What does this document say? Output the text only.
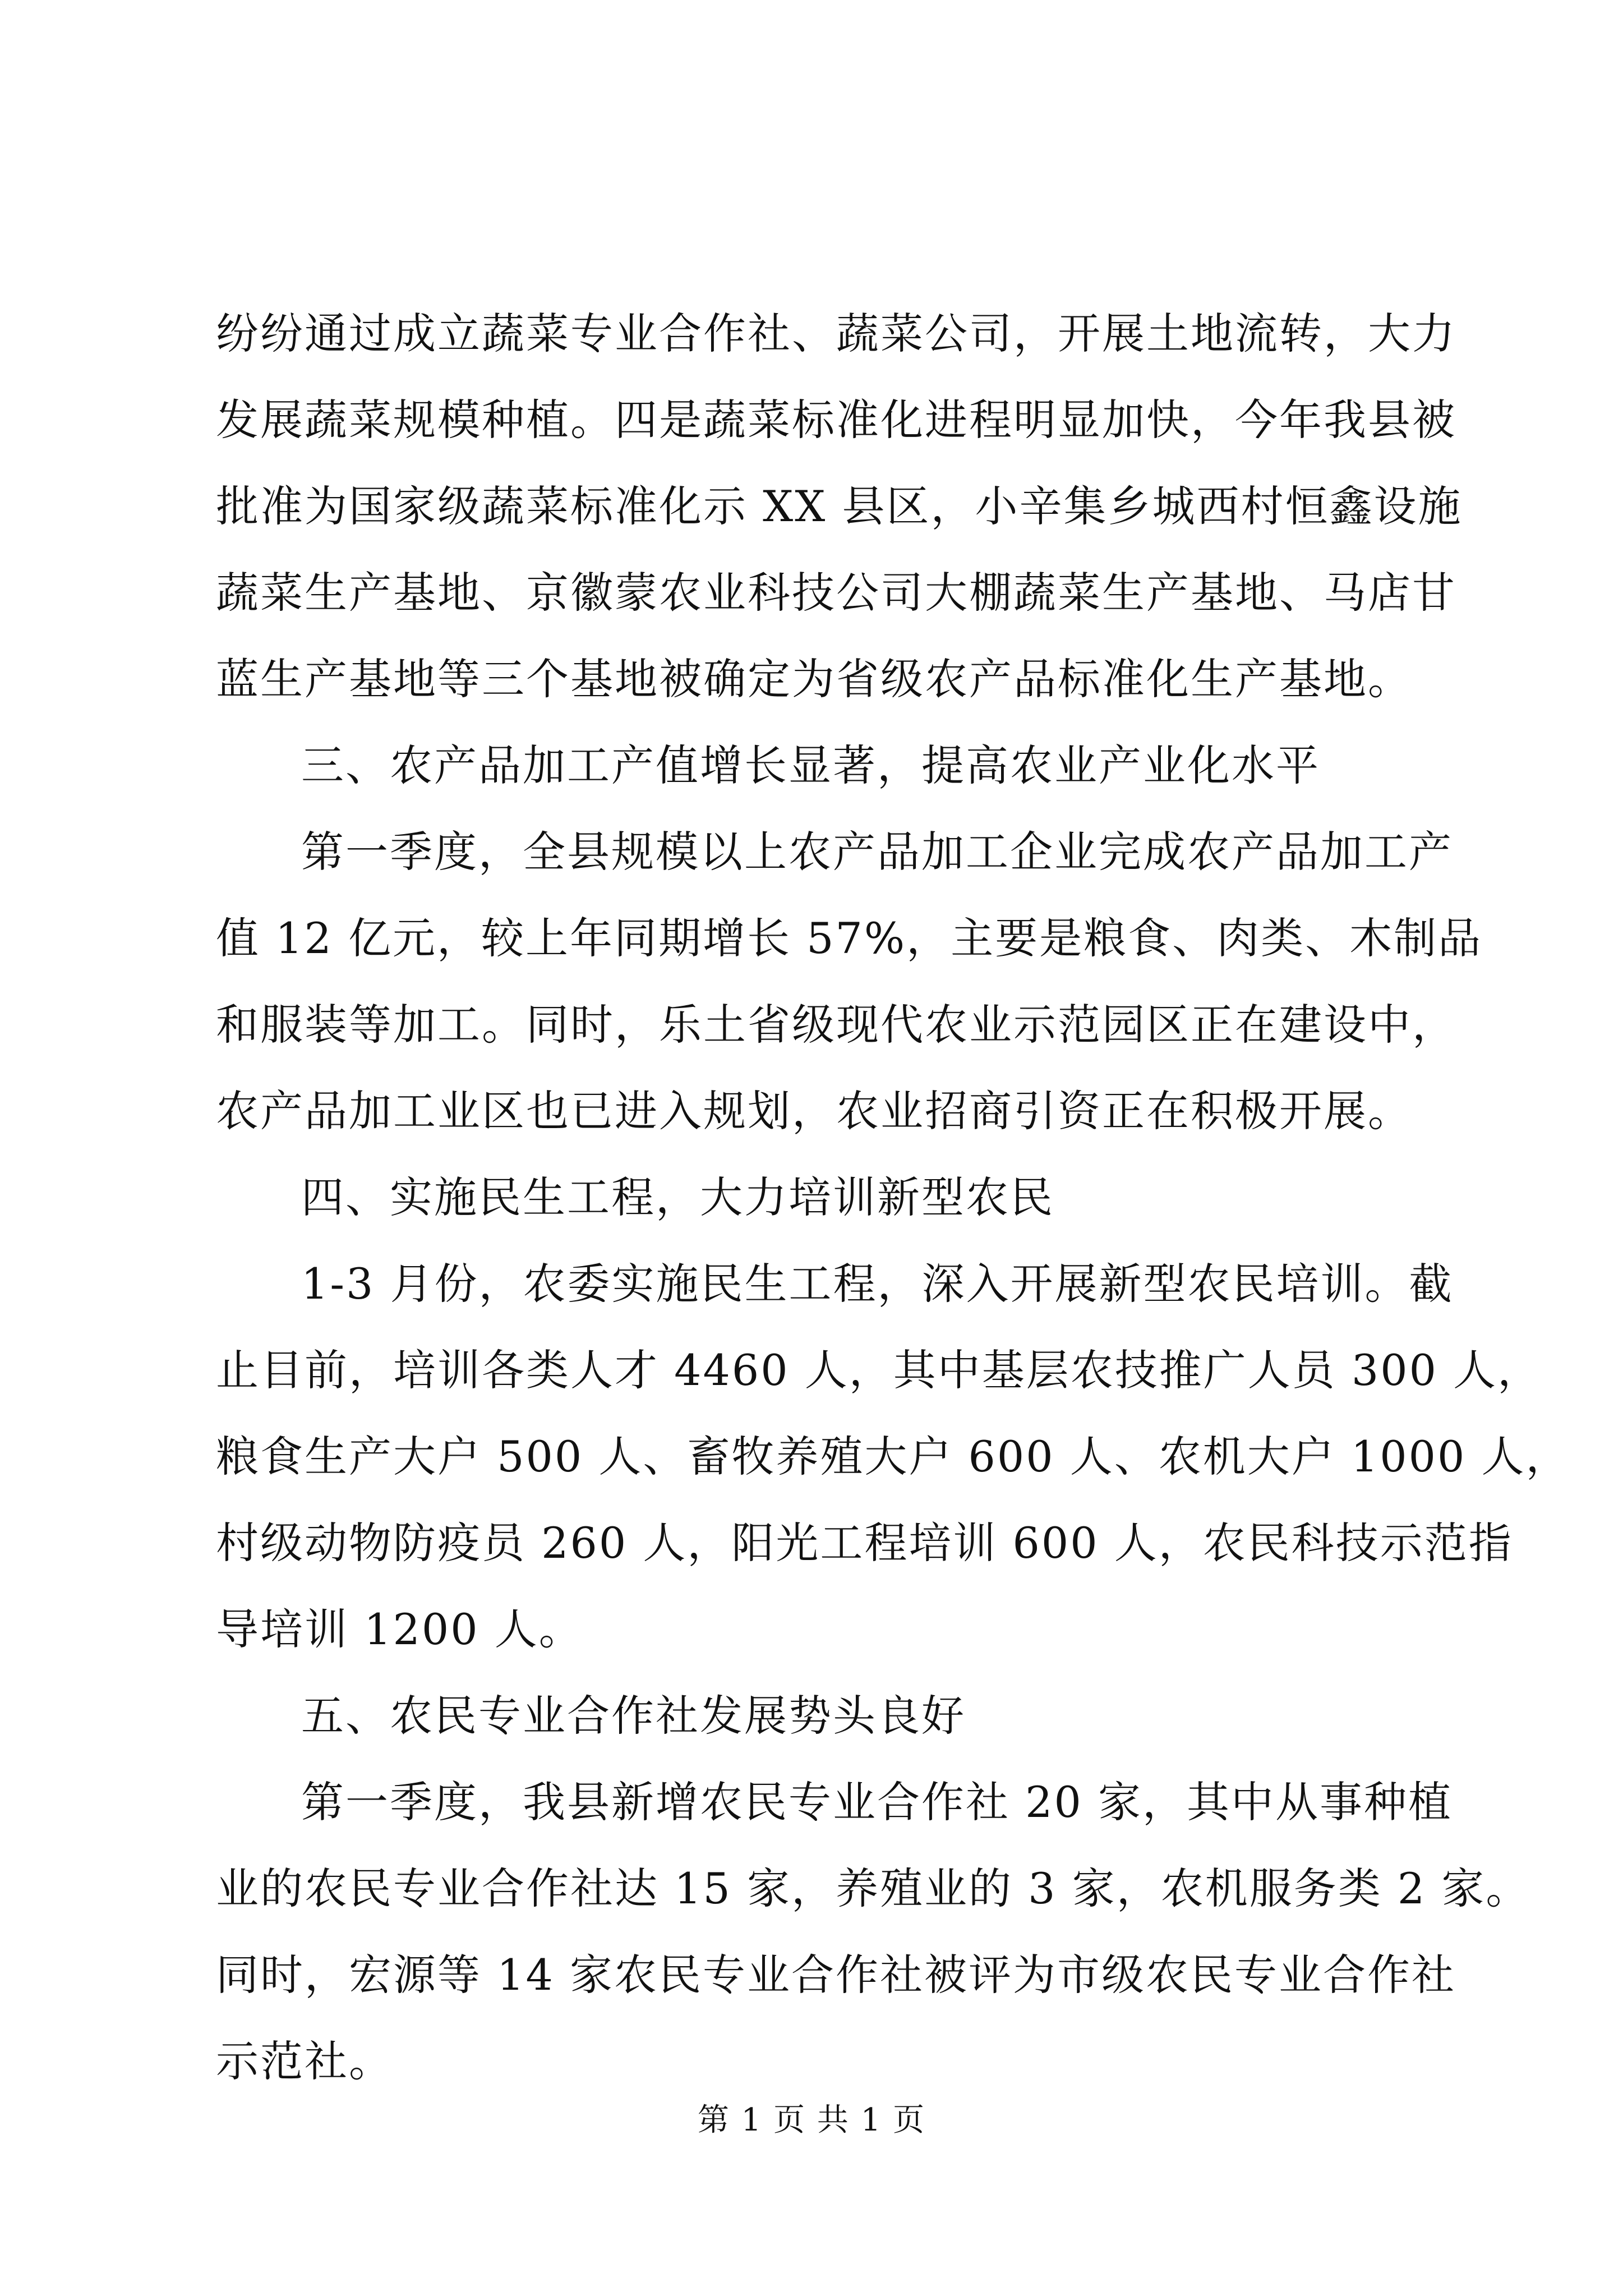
纷纷通过成立蔬菜专业合作社、蔬菜公司，开展土地流转，大力
发展蔬菜规模种植。四是蔬菜标准化进程明显加快，今年我县被
批准为国家级蔬菜标准化示 XX 县区，小辛集乡城西村恒鑫设施
蔬菜生产基地、京徽蒙农业科技公司大棚蔬菜生产基地、马店甘
蓝生产基地等三个基地被确定为省级农产品标准化生产基地。
三、农产品加工产值增长显著，提高农业产业化水平
第一季度，全县规模以上农产品加工企业完成农产品加工产
值 12 亿元，较上年同期增长 57%，主要是粮食、肉类、木制品
和服装等加工。同时，乐土省级现代农业示范园区正在建设中，
农产品加工业区也已进入规划，农业招商引资正在积极开展。
四、实施民生工程，大力培训新型农民
1-3 月份，农委实施民生工程，深入开展新型农民培训。截
止目前，培训各类人才 4460 人，其中基层农技推广人员 300 人，
粮食生产大户 500 人、畜牧养殖大户 600 人、农机大户 1000 人，
村级动物防疫员 260 人，阳光工程培训 600 人，农民科技示范指
导培训 1200 人。
五、农民专业合作社发展势头良好
第一季度，我县新增农民专业合作社 20 家，其中从事种植
业的农民专业合作社达 15 家，养殖业的 3 家，农机服务类 2 家。
同时，宏源等 14 家农民专业合作社被评为市级农民专业合作社
示范社。
第 1 页 共 1 页
